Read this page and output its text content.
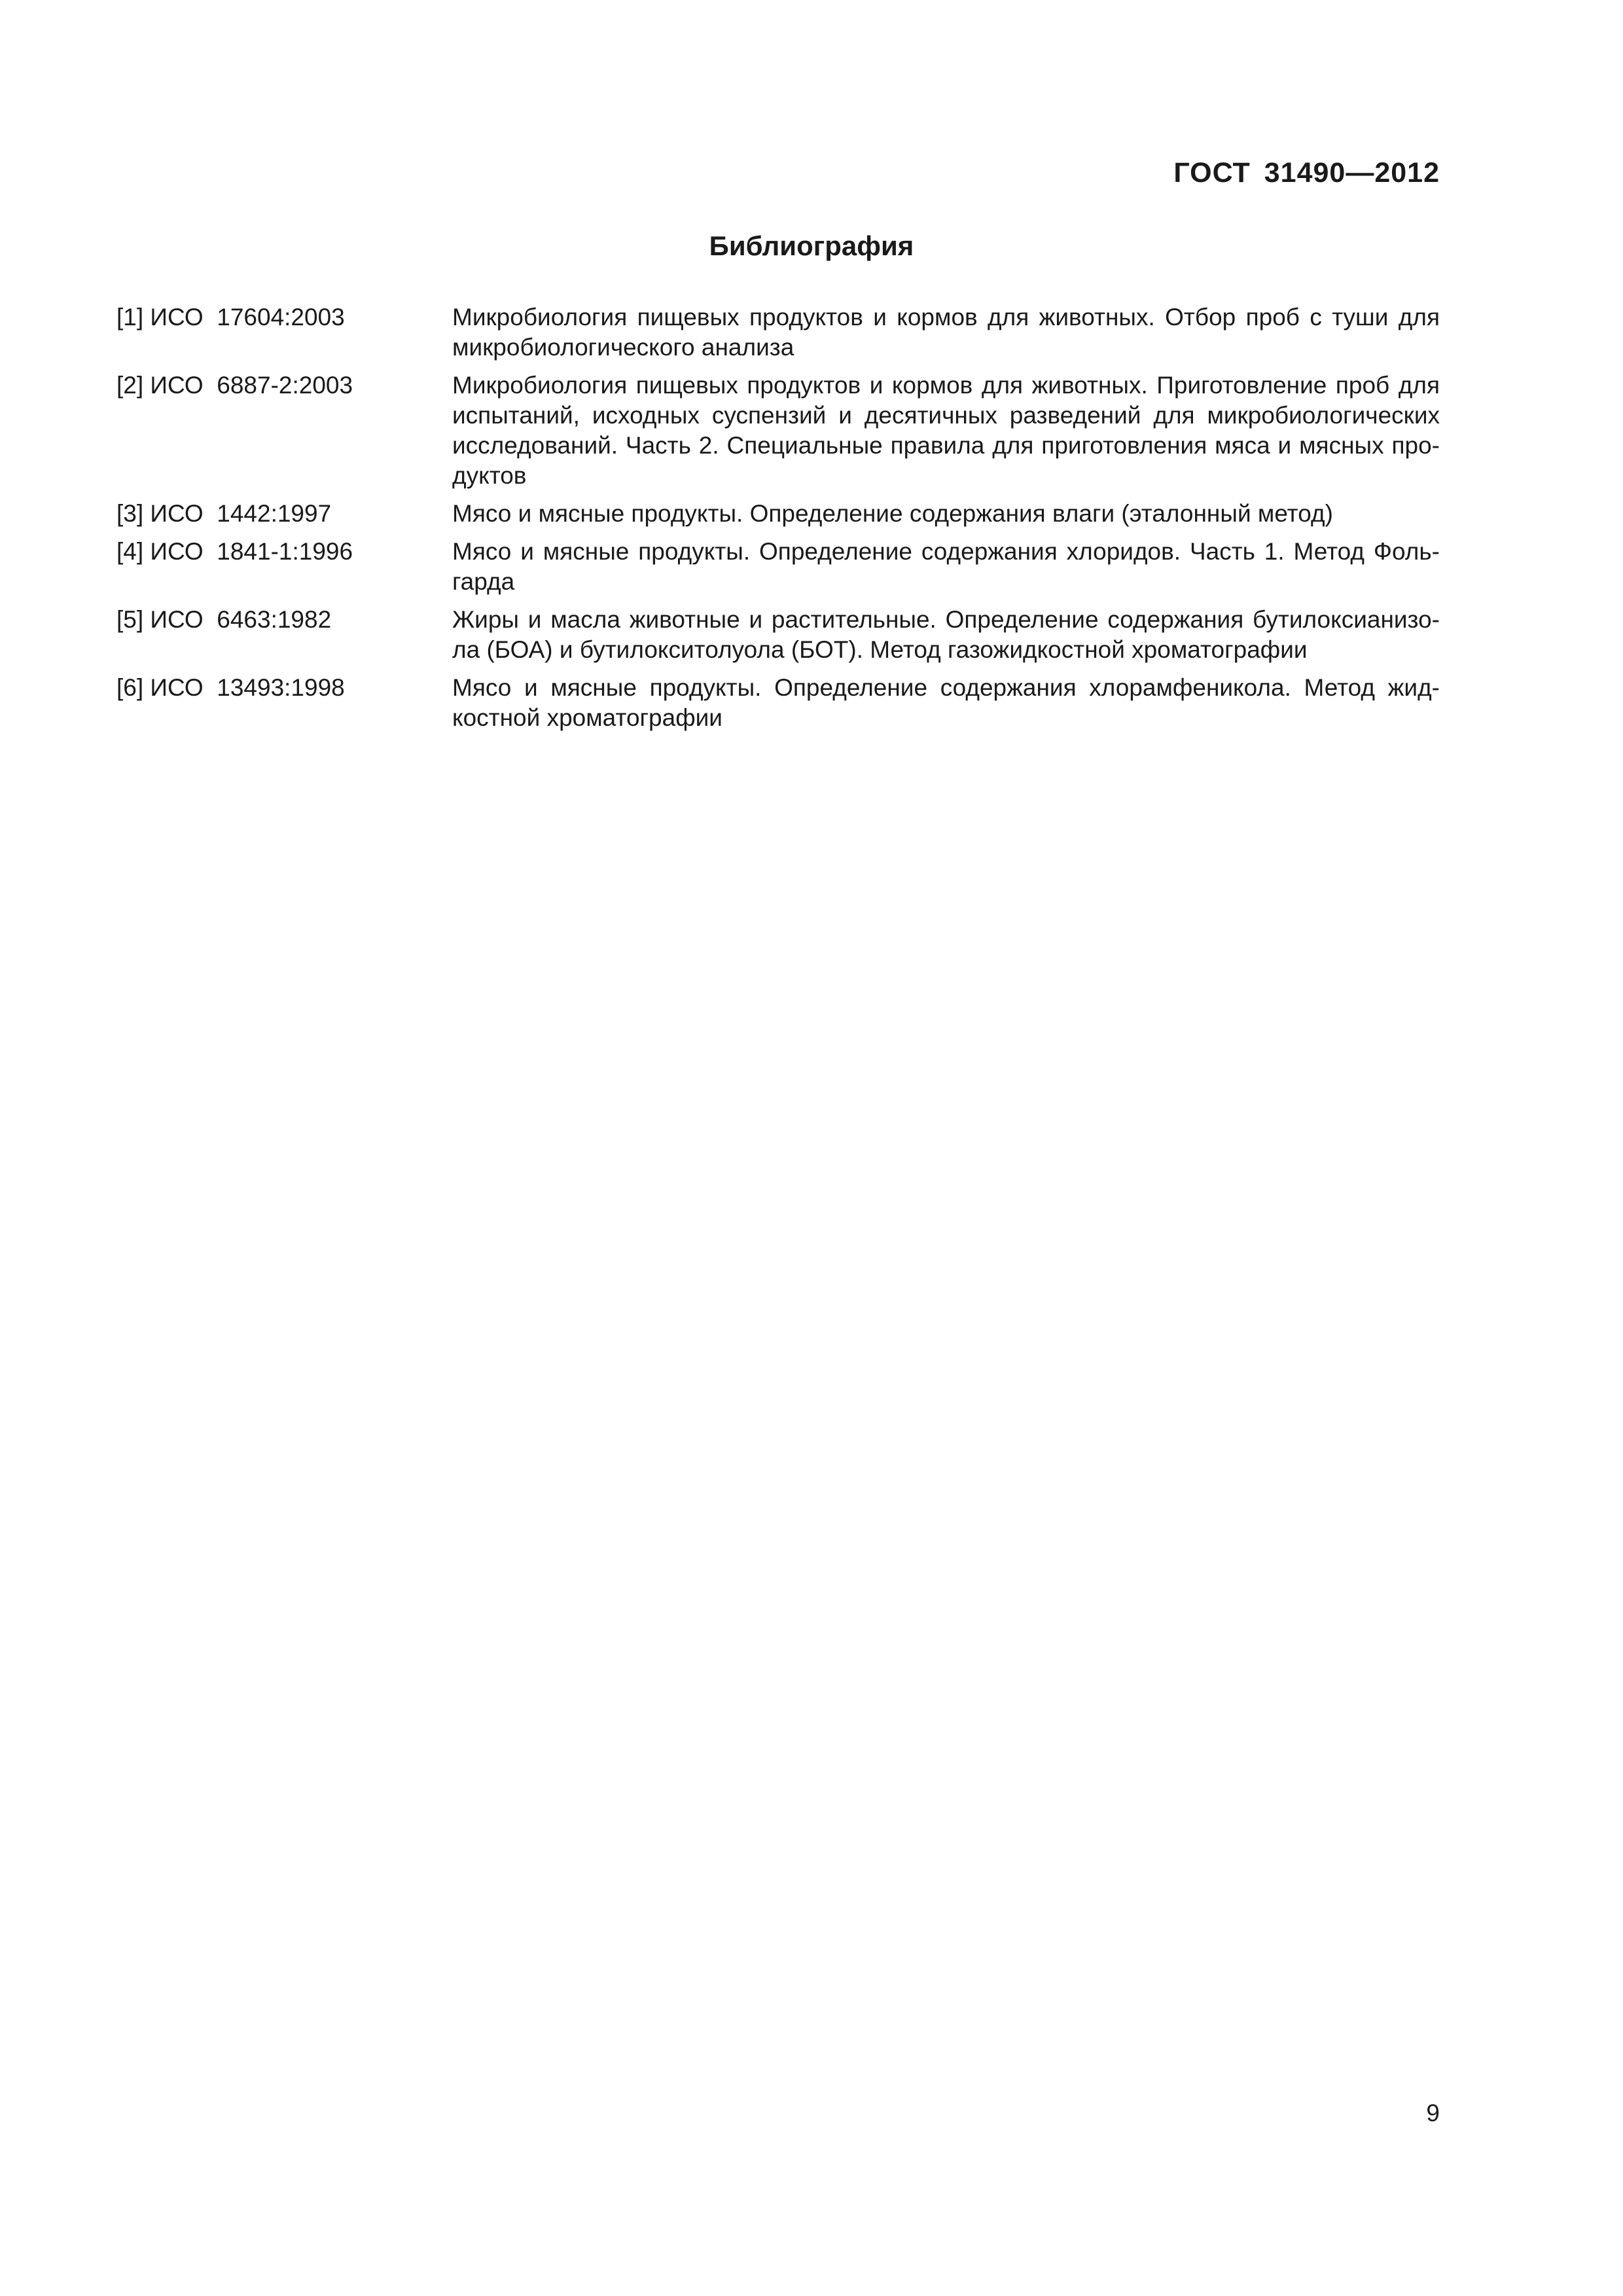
ГОСТ 31490—2012
Библиография
[1] ИСО  17604:2003	Микробиология пищевых продуктов и кормов для животных. Отбор проб с туши для микробиологического анализа
[2] ИСО  6887-2:2003	Микробиология пищевых продуктов и кормов для животных. Приготовление проб для испытаний, исходных суспензий и десятичных разведений для микробиологических исследований. Часть 2. Специальные правила для приготовления мяса и мясных продуктов
[3] ИСО  1442:1997	Мясо и мясные продукты. Определение содержания влаги (эталонный метод)
[4] ИСО  1841-1:1996	Мясо и мясные продукты. Определение содержания хлоридов. Часть 1. Метод Фольгарда
[5] ИСО  6463:1982	Жиры и масла животные и растительные. Определение содержания бутилоксианизола (БОА) и бутилокситолуола (БОТ). Метод газожидкостной хроматографии
[6] ИСО  13493:1998	Мясо и мясные продукты. Определение содержания хлорамфеникола. Метод жидкостной хроматографии
9
